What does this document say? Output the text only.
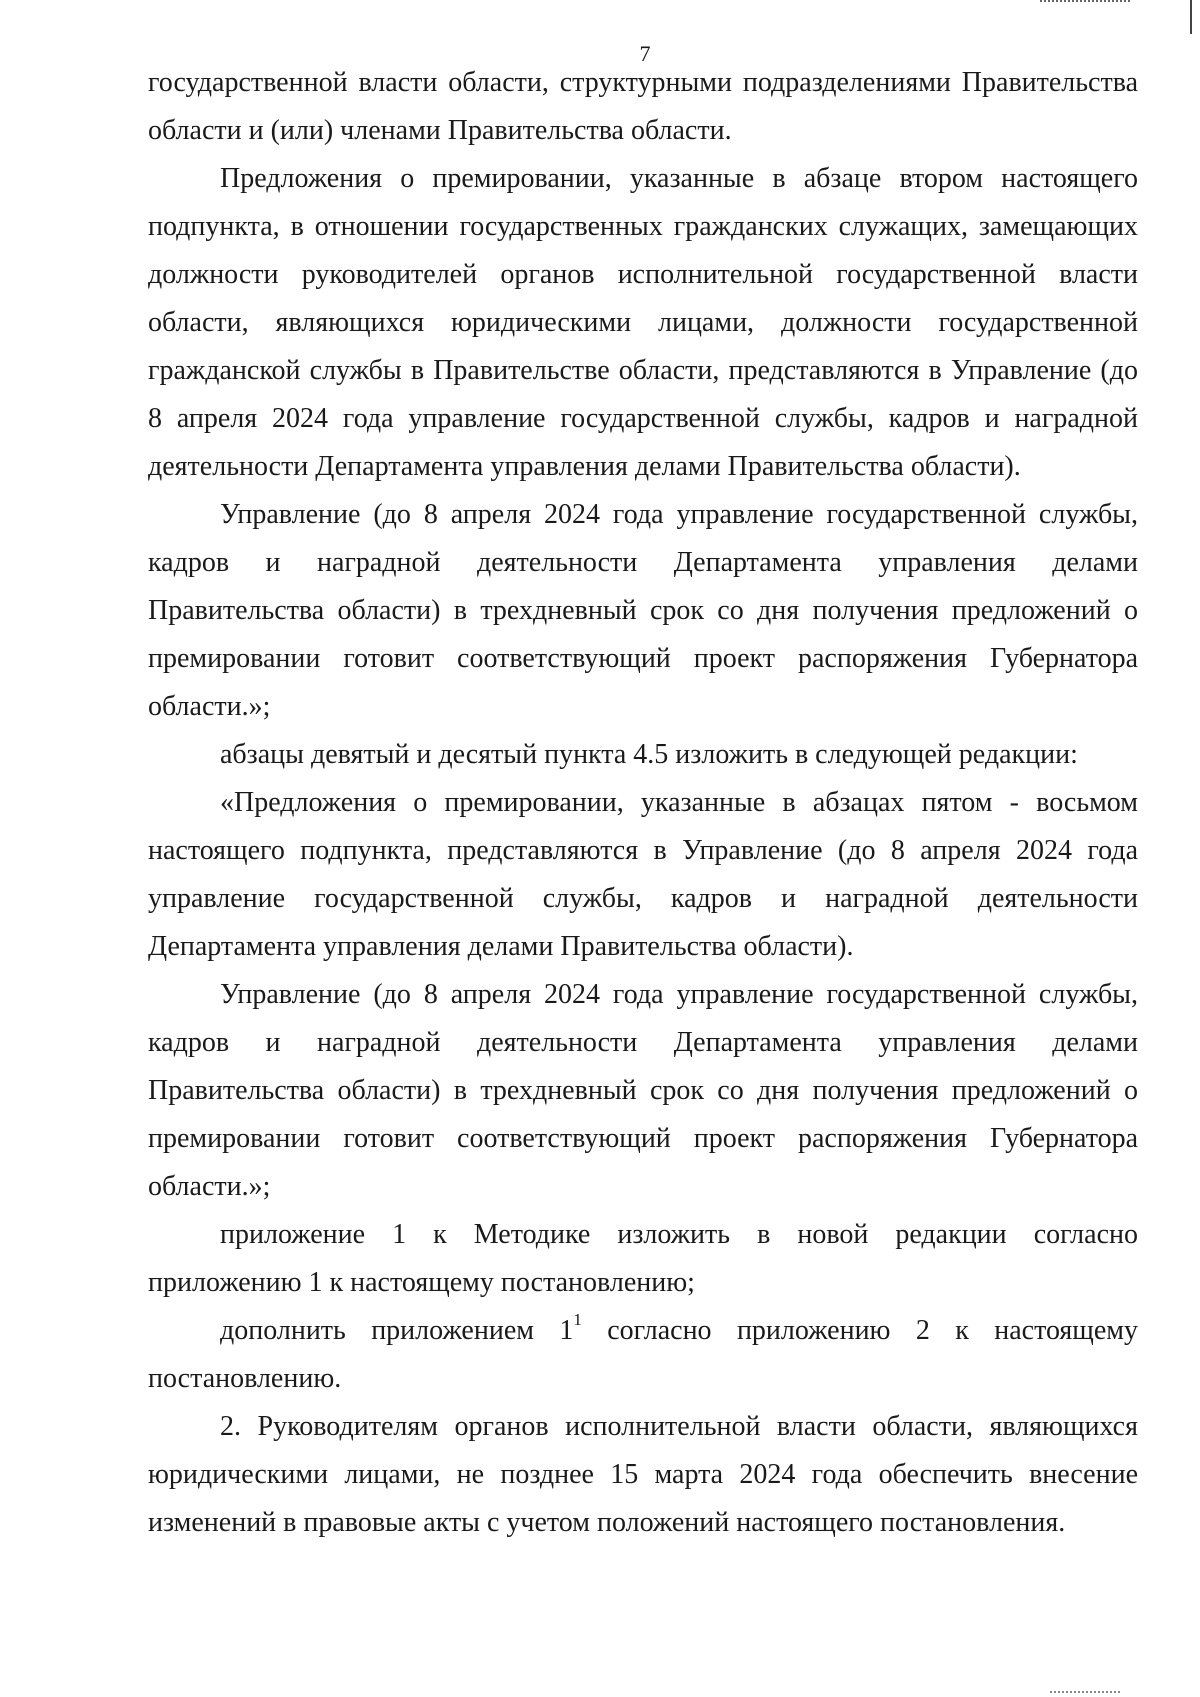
7

государственной власти области, структурными подразделениями Правительства области и (или) членами Правительства области.

Предложения о премировании, указанные в абзаце втором настоящего подпункта, в отношении государственных гражданских служащих, замещающих должности руководителей органов исполнительной государственной власти области, являющихся юридическими лицами, должности государственной гражданской службы в Правительстве области, представляются в Управление (до 8 апреля 2024 года управление государственной службы, кадров и наградной деятельности Департамента управления делами Правительства области).

Управление (до 8 апреля 2024 года управление государственной службы, кадров и наградной деятельности Департамента управления делами Правительства области) в трехдневный срок со дня получения предложений о премировании готовит соответствующий проект распоряжения Губернатора области.»;

абзацы девятый и десятый пункта 4.5 изложить в следующей редакции:

«Предложения о премировании, указанные в абзацах пятом - восьмом настоящего подпункта, представляются в Управление (до 8 апреля 2024 года управление государственной службы, кадров и наградной деятельности Департамента управления делами Правительства области).

Управление (до 8 апреля 2024 года управление государственной службы, кадров и наградной деятельности Департамента управления делами Правительства области) в трехдневный срок со дня получения предложений о премировании готовит соответствующий проект распоряжения Губернатора области.»;

приложение 1 к Методике изложить в новой редакции согласно приложению 1 к настоящему постановлению;

дополнить приложением $1^1$ согласно приложению 2 к настоящему постановлению.

2. Руководителям органов исполнительной власти области, являющихся юридическими лицами, не позднее 15 марта 2024 года обеспечить внесение изменений в правовые акты с учетом положений настоящего постановления.
